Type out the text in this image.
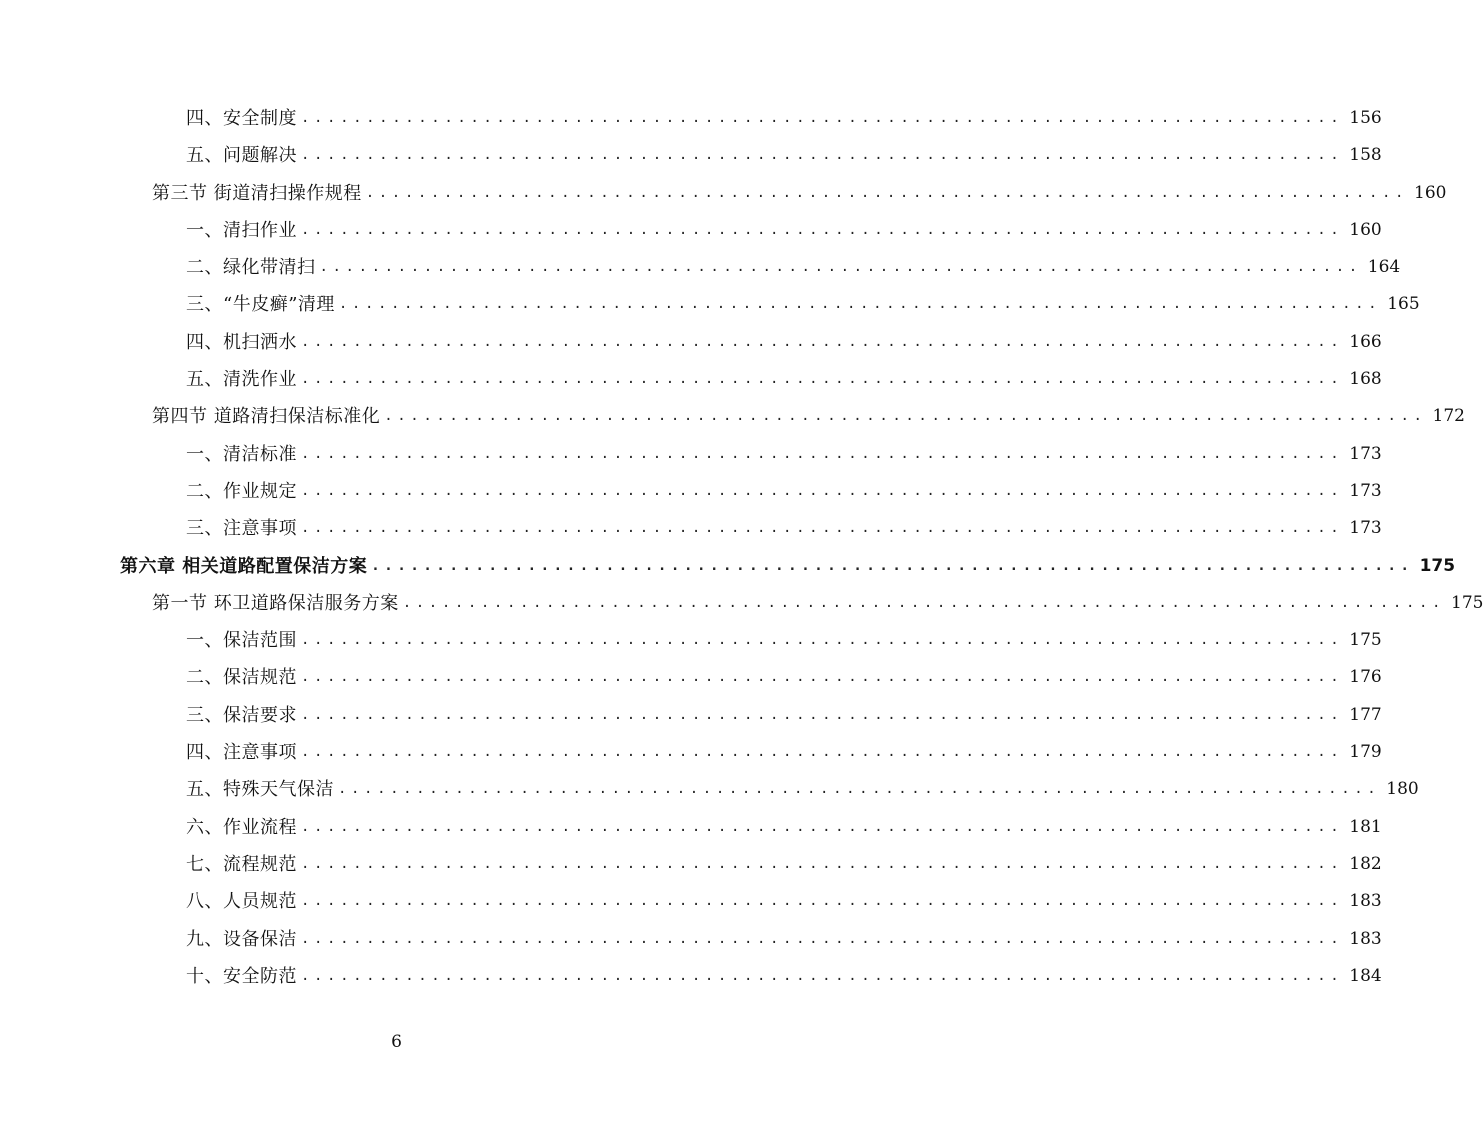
四、安全制度 ................................................................................ 156
五、问题解决 ................................................................................ 158
第三节 街道清扫操作规程 ................................................................................ 160
一、清扫作业 ................................................................................ 160
二、绿化带清扫 ................................................................................ 164
三、“牛皮癣”清理 ................................................................................ 165
四、机扫洒水 ................................................................................ 166
五、清洗作业 ................................................................................ 168
第四节 道路清扫保洁标准化 ................................................................................ 172
一、清洁标准 ................................................................................ 173
二、作业规定 ................................................................................ 173
三、注意事项 ................................................................................ 173
第六章 相关道路配置保洁方案 ................................................................................ 175
第一节 环卫道路保洁服务方案 ................................................................................ 175
一、保洁范围 ................................................................................ 175
二、保洁规范 ................................................................................ 176
三、保洁要求 ................................................................................ 177
四、注意事项 ................................................................................ 179
五、特殊天气保洁 ................................................................................ 180
六、作业流程 ................................................................................ 181
七、流程规范 ................................................................................ 182
八、人员规范 ................................................................................ 183
九、设备保洁 ................................................................................ 183
十、安全防范 ................................................................................ 184
6
